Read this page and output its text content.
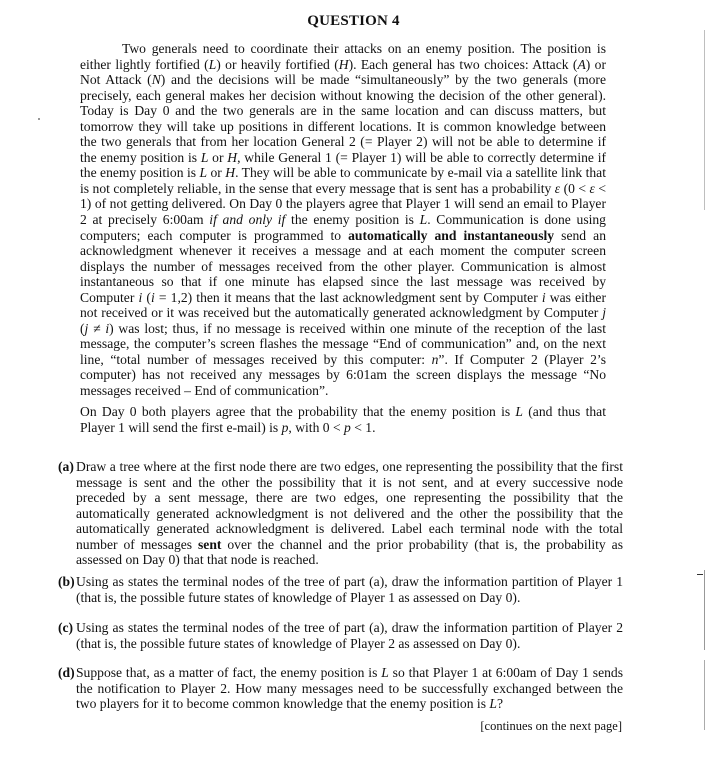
QUESTION 4
Two generals need to coordinate their attacks on an enemy position. The position is either lightly fortified (L) or heavily fortified (H). Each general has two choices: Attack (A) or Not Attack (N) and the decisions will be made “simultaneously” by the two generals (more precisely, each general makes her decision without knowing the decision of the other general). Today is Day 0 and the two generals are in the same location and can discuss matters, but tomorrow they will take up positions in different locations. It is common knowledge between the two generals that from her location General 2 (= Player 2) will not be able to determine if the enemy position is L or H, while General 1 (= Player 1) will be able to correctly determine if the enemy position is L or H. They will be able to communicate by e-mail via a satellite link that is not completely reliable, in the sense that every message that is sent has a probability ε (0 < ε < 1) of not getting delivered. On Day 0 the players agree that Player 1 will send an email to Player 2 at precisely 6:00am if and only if the enemy position is L. Communication is done using computers; each computer is programmed to automatically and instantaneously send an acknowledgment whenever it receives a message and at each moment the computer screen displays the number of messages received from the other player. Communication is almost instantaneous so that if one minute has elapsed since the last message was received by Computer i (i = 1,2) then it means that the last acknowledgment sent by Computer i was either not received or it was received but the automatically generated acknowledgment by Computer j (j ≠ i) was lost; thus, if no message is received within one minute of the reception of the last message, the computer’s screen flashes the message “End of communication” and, on the next line, “total number of messages received by this computer: n”. If Computer 2 (Player 2’s computer) has not received any messages by 6:01am the screen displays the message “No messages received – End of communication”.
On Day 0 both players agree that the probability that the enemy position is L (and thus that Player 1 will send the first e-mail) is p, with 0 < p < 1.
(a) Draw a tree where at the first node there are two edges, one representing the possibility that the first message is sent and the other the possibility that it is not sent, and at every successive node preceded by a sent message, there are two edges, one representing the possibility that the automatically generated acknowledgment is not delivered and the other the possibility that the automatically generated acknowledgment is delivered. Label each terminal node with the total number of messages sent over the channel and the prior probability (that is, the probability as assessed on Day 0) that that node is reached.
(b) Using as states the terminal nodes of the tree of part (a), draw the information partition of Player 1 (that is, the possible future states of knowledge of Player 1 as assessed on Day 0).
(c) Using as states the terminal nodes of the tree of part (a), draw the information partition of Player 2 (that is, the possible future states of knowledge of Player 2 as assessed on Day 0).
(d) Suppose that, as a matter of fact, the enemy position is L so that Player 1 at 6:00am of Day 1 sends the notification to Player 2. How many messages need to be successfully exchanged between the two players for it to become common knowledge that the enemy position is L?
[continues on the next page]
